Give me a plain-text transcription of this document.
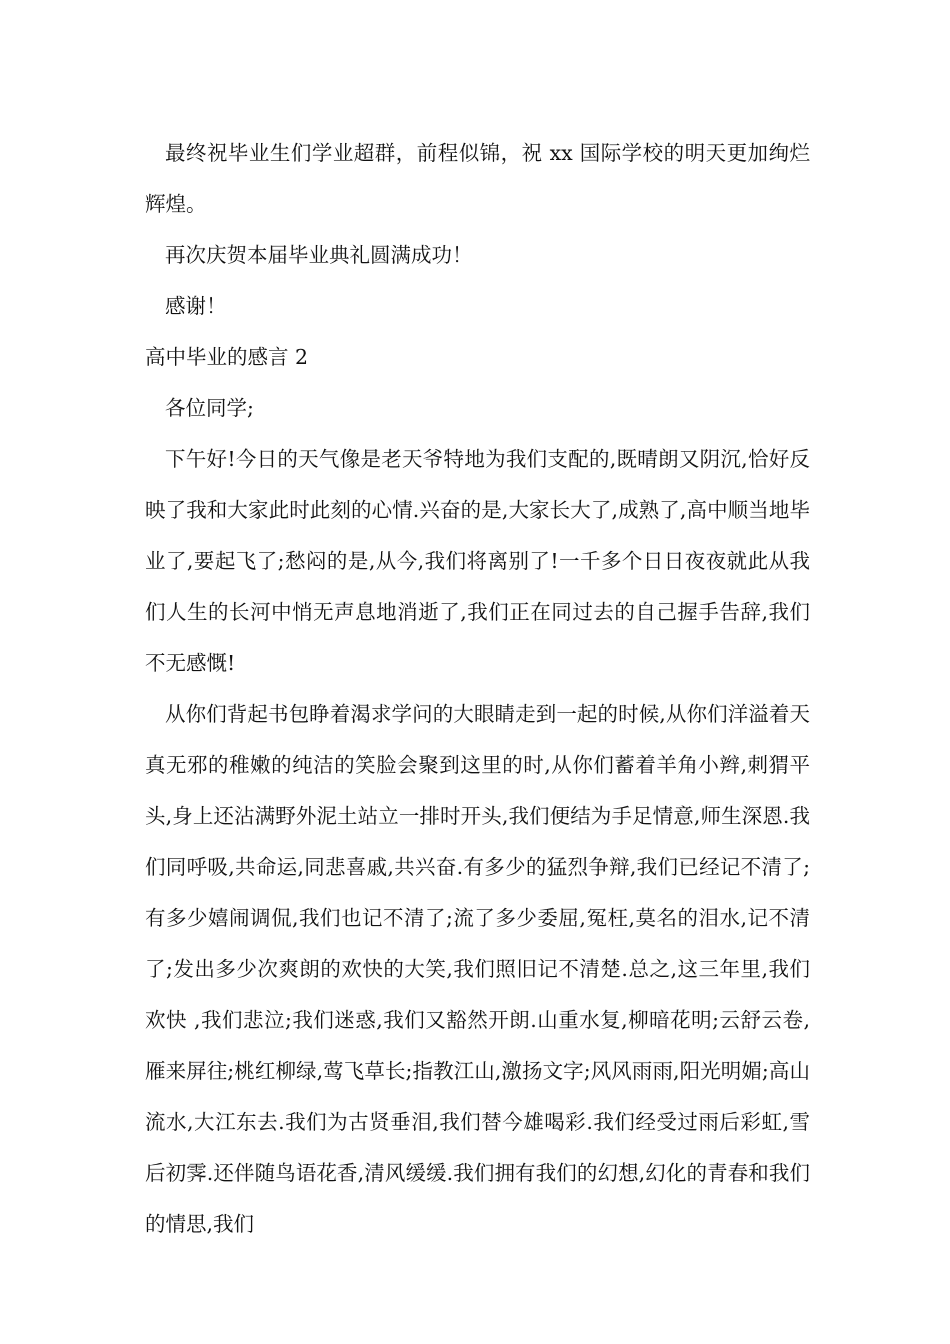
最终祝毕业生们学业超群，前程似锦，祝 xx 国际学校的明天更加绚烂辉煌。

再次庆贺本届毕业典礼圆满成功！

感谢！

高中毕业的感言 2

各位同学;

下午好!今日的天气像是老天爷特地为我们支配的,既晴朗又阴沉,恰好反映了我和大家此时此刻的心情.兴奋的是,大家长大了,成熟了,高中顺当地毕业了,要起飞了;愁闷的是,从今,我们将离别了!一千多个日日夜夜就此从我们人生的长河中悄无声息地消逝了,我们正在同过去的自己握手告辞,我们不无感慨!

从你们背起书包睁着渴求学问的大眼睛走到一起的时候,从你们洋溢着天真无邪的稚嫩的纯洁的笑脸会聚到这里的时,从你们蓄着羊角小辫,刺猬平头,身上还沾满野外泥土站立一排时开头,我们便结为手足情意,师生深恩.我们同呼吸,共命运,同悲喜戚,共兴奋.有多少的猛烈争辩,我们已经记不清了;有多少嬉闹调侃,我们也记不清了;流了多少委屈,冤枉,莫名的泪水,记不清了;发出多少次爽朗的欢快的大笑,我们照旧记不清楚.总之,这三年里,我们欢快 ,我们悲泣;我们迷惑,我们又豁然开朗.山重水复,柳暗花明;云舒云卷,雁来屏往;桃红柳绿,莺飞草长;指教江山,激扬文字;风风雨雨,阳光明媚;高山流水,大江东去.我们为古贤垂泪,我们替今雄喝彩.我们经受过雨后彩虹,雪后初霁.还伴随鸟语花香,清风缓缓.我们拥有我们的幻想,幻化的青春和我们的情思,我们
